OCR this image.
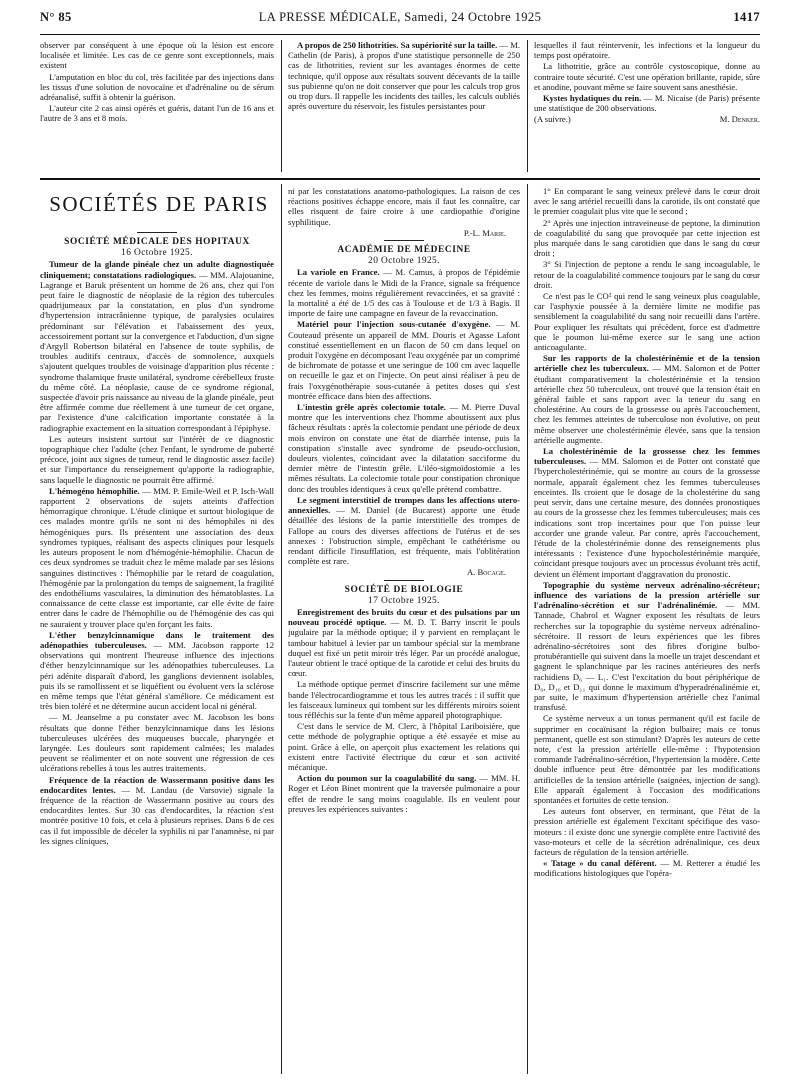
N° 85	LA PRESSE MÉDICALE, Samedi, 24 Octobre 1925	1417

observer par conséquent à une époque où la lésion est encore localisée et limitée. Les cas de ce genre sont exceptionnels, mais existent

L'amputation en bloc du col, très facilitée par des injections dans les tissus d'une solution de novocaïne et d'adrénaline ou de sérum adréanalisé, suffit à obtenir la guérison.

L'auteur cite 2 cas ainsi opérés et guéris, datant l'un de 16 ans et l'autre de 3 ans et 8 mois.

A propos de 250 lithotrities. Sa supériorité sur la taille. — M. Cathelin (de Paris), à propos d'une statistique personnelle de 250 cas de lithotrities, revient sur les avantages énormes de cette technique, qu'il oppose aux résultats souvent décevants de la taille sus pubienne qu'on ne doit conserver que pour les calculs trop gros ou trop durs. Il rappelle les incidents des tailles, les calculs oubliés après ouverture du réservoir, les fistules persistantes pour

lesquelles il faut réintervenir, les infections et la longueur du temps post opératoire.

La lithotritie, grâce au contrôle cystoscopique, donne au contraire toute sécurité. C'est une opération brillante, rapide, sûre et anodine, pouvant même se faire souvent sans anesthésie.

Kystes hydatiques du rein. — M. Nicaise (de Paris) présente une statistique de 200 observations.

(A suivre.)	M. Denker.

SOCIÉTÉS DE PARIS

SOCIÉTÉ MÉDICALE DES HOPITAUX

16 Octobre 1925.

Tumeur de la glande pinéale chez un adulte diagnostiquée cliniquement; constatations radiologiques. — MM. Alajouanine, Lagrange et Baruk présentent un homme de 26 ans, chez qui l'on peut faire le diagnostic de néoplasie de la région des tubercules quadrijumeaux par la constatation, en plus d'un syndrome d'hypertension intracrânienne typique, de paralysies oculaires prédominant sur l'élévation et l'abaissement des yeux, accessoirement portant sur la convergence et l'abduction, d'un signe d'Argyll Robertson bilatéral en l'absence de toute syphilis, de troubles auditifs centraux, d'accès de somnolence, auxquels s'ajoutent quelques troubles de voisinage d'apparition plus récente : syndrome thalamique fruste unilatéral, syndrome cérébelleux fruste du même côté. La néoplasie, cause de ce syndrome régional, suspectée d'avoir pris naissance au niveau de la glande pinéale, peut être affirmée comme due réellement à une tumeur de cet organe, par l'existence d'une calcification importante constatée à la radiographie exactement en la situation correspondant à l'épiphyse.

Les auteurs insistent surtout sur l'intérêt de ce diagnostic topographique chez l'adulte (chez l'enfant, le syndrome de puberté précoce, joint aux signes de tumeur, rend le diagnostic assez facile) et sur l'importance du renseignement qu'apporte la radiographie, sans laquelle le diagnostic ne pourrait être affirmé.

L'hémogéno hémophilie. — MM. P. Emile-Weil et P. Isch-Wall rapportent 2 observations de sujets atteints d'affection hémorragique chronique. L'étude clinique et surtout biologique de ces malades montre qu'ils ne sont ni des hémophiles ni des hémogéniques purs. Ils présentent une association des deux syndromes typiques, réalisant des aspects cliniques pour lesquels les auteurs proposent le nom d'hémogénie-hémophilie. Chacun de ces deux syndromes se traduit chez le même malade par ses lésions sanguines distinctives : l'hémophilie par le retard de coagulation, l'hémogénie par la prolongation du temps de saignement, la fragilité des endothéliums vasculaires, la diminution des hématoblastes. La connaissance de cette classe est importante, car elle évite de faire entrer dans le cadre de l'hémophilie ou de l'hémogénie des cas qui ne sauraient y trouver place qu'en forçant les faits.

L'éther benzylcinnamique dans le traitement des adénopathies tuberculeuses. — MM. Jacobson rapporte 12 observations qui montrent l'heureuse influence des injections d'éther benzylcinnamique sur les adénopathies tuberculeuses. La péri adénite disparaît d'abord, les ganglions deviennent isolables, puis ils se ramollissent et se liquéfient ou évoluent vers la sclérose en même temps que l'état général s'améliore. Ce médicament est très bien toléré et ne détermine aucun accident local ni général.

— M. Jeanselme a pu constater avec M. Jacobson les bons résultats que donne l'éther benzylcinnamique dans les lésions tuberculeuses ulcérées des muqueuses buccale, pharyngée et laryngée. Les douleurs sont rapidement calmées; les malades peuvent se réalimenter et on note souvent une régression de ces ulcérations rebelles à tous les autres traitements.

Fréquence de la réaction de Wassermann positive dans les endocardites lentes. — M. Landau (de Varsovie) signale la fréquence de la réaction de Wassermann positive au cours des endocardites lentes. Sur 30 cas d'endocardites, la réaction s'est montrée positive 10 fois, et cela à plusieurs reprises. Dans 6 de ces cas il fut impossible de déceler la syphilis ni par l'anamnèse, ni par les signes cliniques,

ni par les constatations anatomo-pathologiques. La raison de ces réactions positives échappe encore, mais il faut les connaître, car elles risquent de faire croire à une cardiopathie d'origine syphilitique.

P.-L. Marie.

ACADÉMIE DE MÉDECINE

20 Octobre 1925.

La variole en France. — M. Camus, à propos de l'épidémie récente de variole dans le Midi de la France, signale sa fréquence chez les femmes, moins régulièrement revaccinées, et sa gravité : la mortalité a été de 1/5 des cas à Toulouse et de 1/3 à Bagis. Il importe de faire une campagne en faveur de la revaccination.

Matériel pour l'injection sous-cutanée d'oxygène. — M. Couteaud présente un appareil de MM. Douris et Agasse Lafont constitué essentiellement en un flacon de 50 cm dans lequel on produit l'oxygène en décomposant l'eau oxygénée par un comprimé de bichromate de potasse et une seringue de 100 cm avec laquelle on recueille le gaz et on l'injecte. On peut ainsi réaliser à peu de frais l'oxygénothérapie sous-cutanée à petites doses qui s'est montrée efficace dans bien des affections.

L'intestin grêle après colectomie totale. — M. Pierre Duval montre que les interventions chez l'homme aboutissent aux plus fâcheux résultats : après la colectomie pendant une période de deux mois environ on constate une état de diarrhée intense, puis la constipation s'installe avec syndrome de pseudo-occlusion, douleurs violentes, coïncidant avec la dilatation sacciforme du dernier mètre de l'intestin grêle. L'iléo-sigmoïdostomie a les mêmes résultats. La colectomie totale pour constipation chronique donc des troubles identiques à ceux qu'elle prétend combattre.

Le segment interstitiel de trompes dans les affections utero-annexielles. — M. Daniel (de Bucarest) apporte une étude détaillée des lésions de la partie interstitielle des trompes de Fallope au cours des diverses affections de l'utérus et de ses annexes : l'obstruction simple, empêchant le cathétérisme ou rendant difficile l'insufflation, est fréquente, mais l'oblitération complète est rare.

A. Bocage.

SOCIÉTÉ DE BIOLOGIE

17 Octobre 1925.

Enregistrement des bruits du cœur et des pulsations par un nouveau procédé optique. — M. D. T. Barry inscrit le pouls jugulaire par la méthode optique; il y parvient en remplaçant le tambour habituel à levier par un tambour spécial sur la membrane duquel est fixé un petit miroir très léger. Par un procédé analogue, l'auteur obtient le tracé optique de la carotide et celui des bruits du cœur.

La méthode optique permet d'inscrire facilement sur une même bande l'électrocardiogramme et tous les autres tracés : il suffit que les faisceaux lumineux qui tombent sur les différents miroirs soient tous réfléchis sur la fente d'un même appareil photographique.

C'est dans le service de M. Clerc, à l'hôpital Lariboisière, que cette méthode de polygraphie optique a été essayée et mise au point. Grâce à elle, on aperçoit plus exactement les relations qui existent entre l'activité électrique du cœur et son activité mécanique.

Action du poumon sur la coagulabilité du sang. — MM. H. Roger et Léon Binet montrent que la traversée pulmonaire a pour effet de rendre le sang moins coagulable. Ils en veulent pour preuves les expériences suivantes :

1° En comparant le sang veineux prélevé dans le cœur droit avec le sang artériel recueilli dans la carotide, ils ont constaté que le premier coagulait plus vite que le second ;

2° Après une injection intraveineuse de peptone, la diminution de coagulabilité du sang que provoquée par cette injection est plus marquée dans le sang carotidien que dans le sang du cœur droit ;

3° Si l'injection de peptone a rendu le sang incoagulable, le retour de la coagulabilité commence toujours par le sang du cœur droit.

Ce n'est pas le CO² qui rend le sang veineux plus coagulable, car l'asphyxie poussée à la dernière limite ne modifie pas sensiblement la coagulabilité du sang noir recueilli dans l'artère. Pour expliquer les résultats qui précèdent, force est d'admettre que le poumon lui-même exerce sur le sang une action anticoagulante.

Sur les rapports de la cholestérinémie et de la tension artérielle chez les tuberculeux. — MM. Salomon et de Potter étudiant comparativement la cholestérinémie et la tension artérielle chez 50 tuberculeux, ont trouvé que la tension était en général faible et sans rapport avec la teneur du sang en cholestérine. Au cours de la grossesse ou après l'accouchement, chez les femmes atteintes de tuberculose non évolutive, on peut même observer une cholestérinémie élevée, sans que la tension artérielle augmente.

La cholestérinémie de la grossesse chez les femmes tuberculeuses. — MM. Salomon et de Potter ont constaté que l'hypercholestérinémie, qui se montre au cours de la grossesse normale, apparaît également chez les femmes tuberculeuses enceintes. Ils croient que le dosage de la cholestérine du sang peut servir, dans une certaine mesure, des données pronostiques au cours de la grossesse chez les femmes tuberculeuses; mais ces indications sont trop incertaines pour que l'on puisse leur accorder une grande valeur. Par contre, après l'accouchement, l'étude de la cholestérinémie donne des renseignements plus intéressants : l'existence d'une hypocholestérinémie marquée, coïncidant presque toujours avec un processus évoluant très actif, devient un élément important d'aggravation du pronostic.

Topographie du système nerveux adrénalino-sécréteur; influence des variations de la pression artérielle sur l'adrénalino-sécrétion et sur l'adrénalinémie. — MM. Tannade, Chabrol et Wagner exposent les résultats de leurs recherches sur la topographie du système nerveux adrénalino-sécrétoire. Il ressort de leurs expériences que les fibres adrénalino-sécrétoires sont des fibres d'origine bulbo-protubérantielle qui suivent dans la moelle un trajet descendant et gagnent le splanchnique par les racines antérieures des nerfs rachidiens D₆ — L₁. C'est l'excitation du bout périphérique de D₆, D₁₀ et D₁₁ qui donne le maximum d'hyperadrénalinémie et, par suite, le maximum d'hypertension artérielle chez l'animal transfusé.

Ce système nerveux a un tonus permanent qu'il est facile de supprimer en cocaïnisant la région bulbaire; mais ce tonus permanent, quelle est son stimulant? D'après les auteurs de cette note, c'est la pression artérielle elle-même : l'hypotension commande l'adrénalino-sécrétion, l'hypertension la modère. Cette double influence peut être démontrée par les modifications artificielles de la tension artérielle (saignées, injection de sang). Elle apparaît également à l'occasion des modifications spontanées et fortuites de cette tension.

Les auteurs font observer, en terminant, que l'état de la pression artérielle est également l'excitant spécifique des vaso-moteurs : il existe donc une synergie complète entre l'activité des vaso-moteurs et celle de la sécrétion adrénalinique, ces deux facteurs de régulation de la tension artérielle.

« Tatage » du canal déférent. — M. Retterer a étudié les modifications histologiques que l'opéra-
